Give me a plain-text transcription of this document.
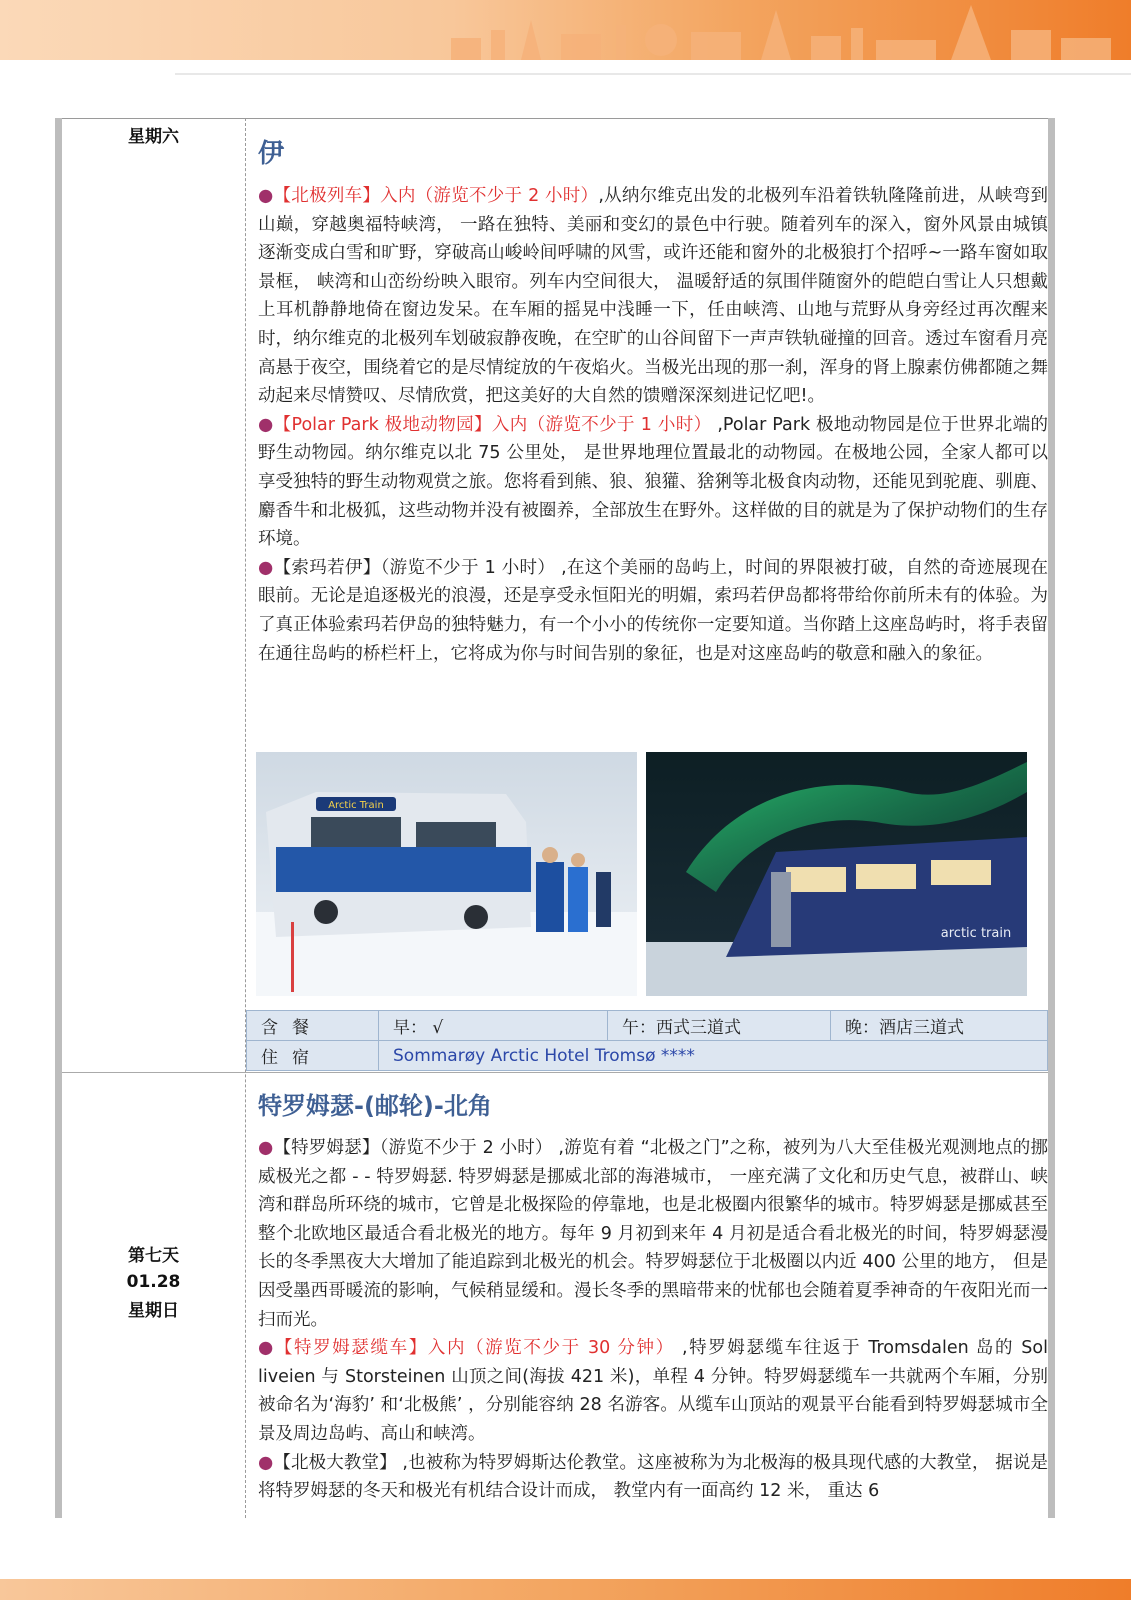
星期六
伊

●【北极列车】入内（游览不少于 2 小时）,从纳尔维克出发的北极列车沿着铁轨隆隆前进，从峡弯到山巅，穿越奥福特峡湾， 一路在独特、美丽和变幻的景色中行驶。随着列车的深入，窗外风景由城镇逐渐变成白雪和旷野，穿破高山峻岭间呼啸的风雪，或许还能和窗外的北极狼打个招呼~一路车窗如取景框， 峡湾和山峦纷纷映入眼帘。列车内空间很大， 温暖舒适的氛围伴随窗外的皑皑白雪让人只想戴上耳机静静地倚在窗边发呆。在车厢的摇晃中浅睡一下，任由峡湾、山地与荒野从身旁经过再次醒来时，纳尔维克的北极列车划破寂静夜晚，在空旷的山谷间留下一声声铁轨碰撞的回音。透过车窗看月亮高悬于夜空，围绕着它的是尽情绽放的午夜焰火。当极光出现的那一刹，浑身的肾上腺素仿佛都随之舞动起来尽情赞叹、尽情欣赏，把这美好的大自然的馈赠深深刻进记忆吧!。

●【Polar Park 极地动物园】入内（游览不少于 1 小时） ,Polar Park 极地动物园是位于世界北端的野生动物园。纳尔维克以北 75 公里处， 是世界地理位置最北的动物园。在极地公园，全家人都可以享受独特的野生动物观赏之旅。您将看到熊、狼、狼獾、猞猁等北极食肉动物，还能见到驼鹿、驯鹿、麝香牛和北极狐，这些动物并没有被圈养，全部放生在野外。这样做的目的就是为了保护动物们的生存环境。

●【索玛若伊】（游览不少于 1 小时） ,在这个美丽的岛屿上，时间的界限被打破，自然的奇迹展现在眼前。无论是追逐极光的浪漫，还是享受永恒阳光的明媚，索玛若伊岛都将带给你前所未有的体验。为了真正体验索玛若伊岛的独特魅力，有一个小小的传统你一定要知道。当你踏上这座岛屿时，将手表留在通往岛屿的桥栏杆上，它将成为你与时间告别的象征，也是对这座岛屿的敬意和融入的象征。

Arctic Train
arctic train
含餐	早： √	午：西式三道式	晚：酒店三道式
住宿	Sommarøy Arctic Hotel Tromsø ****		
第七天
01.28
星期日
特罗姆瑟-(邮轮)-北角

●【特罗姆瑟】（游览不少于 2 小时） ,游览有着 “北极之门”之称，被列为八大至佳极光观测地点的挪威极光之都 - - 特罗姆瑟. 特罗姆瑟是挪威北部的海港城市， 一座充满了文化和历史气息，被群山、峡湾和群岛所环绕的城市，它曾是北极探险的停靠地，也是北极圈内很繁华的城市。特罗姆瑟是挪威甚至整个北欧地区最适合看北极光的地方。每年 9 月初到来年 4 月初是适合看北极光的时间，特罗姆瑟漫长的冬季黑夜大大增加了能追踪到北极光的机会。特罗姆瑟位于北极圈以内近 400 公里的地方， 但是因受墨西哥暖流的影响，气候稍显缓和。漫长冬季的黑暗带来的忧郁也会随着夏季神奇的午夜阳光而一扫而光。

●【特罗姆瑟缆车】入内（游览不少于 30 分钟） ,特罗姆瑟缆车往返于 Tromsdalen 岛的 Sol liveien 与 Storsteinen 山顶之间(海拔 421 米)，单程 4 分钟。特罗姆瑟缆车一共就两个车厢，分别被命名为‘海豹’ 和‘北极熊’ ，分别能容纳 28 名游客。从缆车山顶站的观景平台能看到特罗姆瑟城市全景及周边岛屿、高山和峡湾。

●【北极大教堂】 ,也被称为特罗姆斯达伦教堂。这座被称为为北极海的极具现代感的大教堂， 据说是将特罗姆瑟的冬天和极光有机结合设计而成， 教堂内有一面高约 12 米， 重达 6
